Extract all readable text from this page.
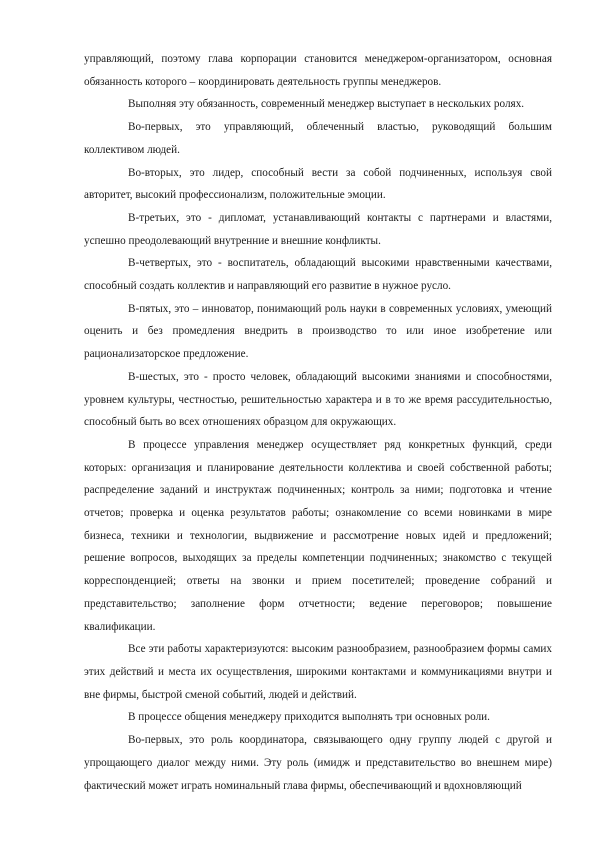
управляющий, поэтому глава корпорации становится менеджером-организатором, основная обязанность которого – координировать деятельность группы менеджеров.

Выполняя эту обязанность, современный менеджер выступает в нескольких ролях.

Во-первых, это управляющий, облеченный властью, руководящий большим коллективом людей.

Во-вторых, это лидер, способный вести за собой подчиненных, используя свой авторитет, высокий профессионализм, положительные эмоции.

В-третьих, это - дипломат, устанавливающий контакты с партнерами и властями, успешно преодолевающий внутренние и внешние конфликты.

В-четвертых, это - воспитатель, обладающий высокими нравственными качествами, способный создать коллектив и направляющий его развитие в нужное русло.

В-пятых, это – инноватор, понимающий роль науки в современных условиях, умеющий оценить и без промедления внедрить в производство то или иное изобретение или рационализаторское предложение.

В-шестых, это - просто человек, обладающий высокими знаниями и способностями, уровнем культуры, честностью, решительностью характера и в то же время рассудительностью, способный быть во всех отношениях образцом для окружающих.

В процессе управления менеджер осуществляет ряд конкретных функций, среди которых: организация и планирование деятельности коллектива и своей собственной работы; распределение заданий и инструктаж подчиненных; контроль за ними; подготовка и чтение отчетов; проверка и оценка результатов работы; ознакомление со всеми новинками в мире бизнеса, техники и технологии, выдвижение и рассмотрение новых идей и предложений; решение вопросов, выходящих за пределы компетенции подчиненных; знакомство с текущей корреспонденцией; ответы на звонки и прием посетителей; проведение собраний и представительство; заполнение форм отчетности; ведение переговоров; повышение квалификации.

Все эти работы характеризуются: высоким разнообразием, разнообразием формы самих этих действий и места их осуществления, широкими контактами и коммуникациями внутри и вне фирмы, быстрой сменой событий, людей и действий.

В процессе общения менеджеру приходится выполнять три основных роли.

Во-первых, это роль координатора, связывающего одну группу людей с другой и упрощающего диалог между ними. Эту роль (имидж и представительство во внешнем мире) фактический может играть номинальный глава фирмы, обеспечивающий и вдохновляющий
